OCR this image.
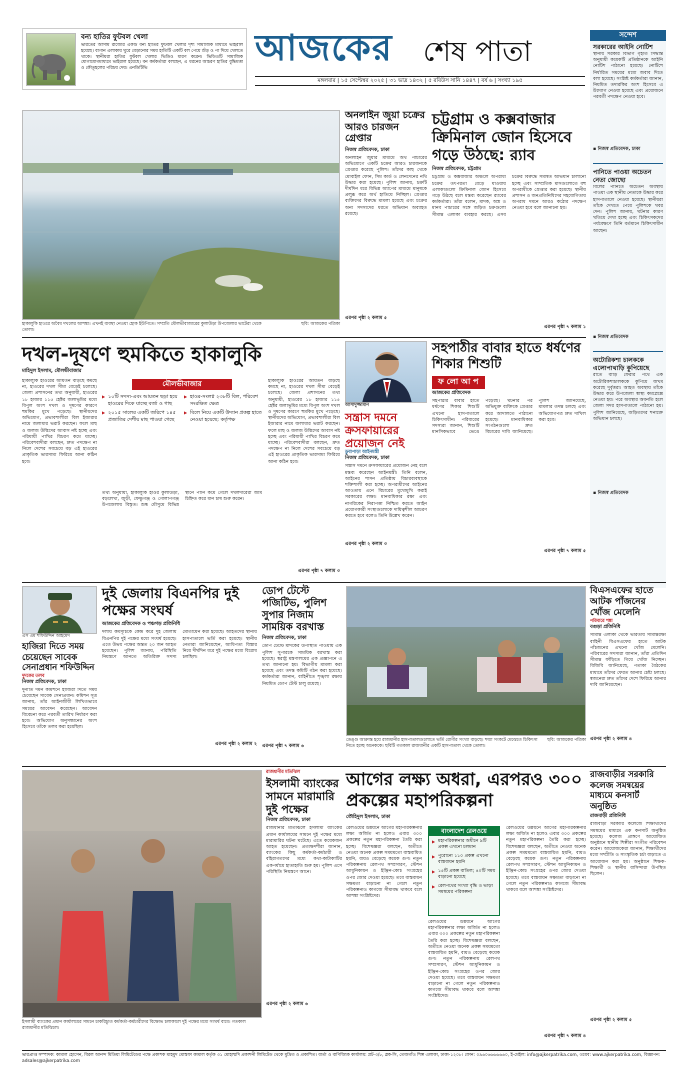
বন্য হাতির ফুটবল খেলা
ভারতের আসাম রাজ্যের একটি বন্য হাতির ফুটবল খেলার দৃশ্য সামাজিক মাধ্যমে ভাইরাল হয়েছে। বাগান এলাকায় ঘুরে বেড়ানোর সময় হাতিটি একটি বল পেয়ে শুঁড় ও পা দিয়ে খেলতে থাকে। স্থানীয়রা হাতির ফুটবল খেলার ভিডিও ধারণ করেন। ভিডিওটি সামাজিক যোগাযোগমাধ্যমে ভাইরাল হয়েছে। বন কর্মকর্তারা বলছেন, এ ধরনের আচরণ হাতির বুদ্ধিমত্তা ও কৌতূহলের পরিচয় দেয়। এনডিটিভি	আজকের শেষ পাতা
মঙ্গলবার | ১৫ সেপ্টেম্বর ২০২৫ | ৩১ ভাদ্র ১৪৩২ | ৫ রবিউস সানি ১৪৪৭ | বর্ষ ৬ | সংখ্যা ১৯৫
সন্দেশ
সরকারের আইনি নোটিশ
স্থানীয় সরকার বিভাগ গৃহীত সিদ্ধান্ত অনুযায়ী কয়েকটি প্রতিষ্ঠানকে আইনি নোটিশ পাঠানো হয়েছে। নোটিশে নির্ধারিত সময়ের মধ্যে জবাব দিতে বলা হয়েছে। সংশ্লিষ্ট কর্মকর্তারা জানান, নিয়মিত তদারকির অংশ হিসেবে এ উদ্যোগ নেওয়া হয়েছে এবং প্রয়োজনে পরবর্তী পদক্ষেপ নেওয়া হবে।
▪ নিজস্ব প্রতিবেদক, ঢাকা
পানিতে পাওয়া অচেতন নেতা জোছো
বিলের পানিতে অচেতন অবস্থায় পাওয়া এক স্থানীয় নেতাকে উদ্ধার করে হাসপাতালে নেওয়া হয়েছে। স্থানীয়রা তাঁকে দেখতে পেয়ে পুলিশকে খবর দেন। পুলিশ জানায়, ঘটনার কারণ খতিয়ে দেখা হচ্ছে এবং চিকিৎসকদের পর্যবেক্ষণে তিনি বর্তমানে চিকিৎসাধীন আছেন।
▪ নিজস্ব প্রতিবেদক
অটোরিকশা চালককে এলোপাথাড়ি কুপিয়েছে
রাতে বাড়ি ফেরার পথে এক অটোরিকশাচালককে কুপিয়ে জখম করেছে দুর্বৃত্তরা। আহত অবস্থায় তাঁকে উদ্ধার করে উপজেলা স্বাস্থ্য কমপ্লেক্সে নেওয়া হয়। পরে অবস্থার অবনতি হলে জেলা সদর হাসপাতালে পাঠানো হয়। পুলিশ জানিয়েছে, জড়িতদের শনাক্তে অভিযান চলছে।
▪ নিজস্ব প্রতিবেদক
হাকালুকি হাওরে অবৈধ দখলের আশঙ্কা। এখনই ব্যবস্থা নেওয়া হোক ইউপিতে। সম্প্রতি মৌলভীবাজারের কুলাউড়া উপজেলার ভাটেরা থেকে তোলা।
ছবি: আজকের পত্রিকা
অনলাইন জুয়া চক্রের আরও চারজন গ্রেপ্তার
নিজস্ব প্রতিবেদক, ঢাকা
অনলাইন জুয়ার মাধ্যমে অর্থ পাচারের অভিযোগে একটি চক্রের আরও চারজনকে গ্রেপ্তার করেছে পুলিশ। তাঁদের কাছ থেকে মোবাইল ফোন, সিম কার্ড ও লেনদেনের নথি উদ্ধার করা হয়েছে। পুলিশ জানায়, চক্রটি দীর্ঘদিন ধরে বিভিন্ন অ্যাপের মাধ্যমে মানুষকে প্রলুব্ধ করে অর্থ হাতিয়ে নিচ্ছিল। গ্রেপ্তার ব্যক্তিদের বিরুদ্ধে মামলা হয়েছে এবং চক্রের অন্য সদস্যদের ধরতে অভিযান অব্যাহত রয়েছে।
এরপর পৃষ্ঠা ২ কলাম ৫
চট্টগ্রাম ও কক্সবাজার ক্রিমিনাল জোন হিসেবে গড়ে উঠছে: র‍্যাব
নিজস্ব প্রতিবেদক, চট্টগ্রাম
চট্টগ্রাম ও কক্সবাজার অঞ্চলে অপরাধী চক্রের তৎপরতা বেড়ে যাওয়ায় এলাকাগুলো ক্রিমিনাল জোন হিসেবে গড়ে উঠছে বলে মন্তব্য করেছেন র‍্যাবের কর্মকর্তারা। তাঁরা বলেন, মাদক, অস্ত্র ও মানব পাচারের সঙ্গে জড়িত চক্রগুলো সীমান্ত এলাকা ব্যবহার করছে। এসব চক্রের বিরুদ্ধে সমন্বিত অভিযান চালানো হচ্ছে এবং সাম্প্রতিক মাসগুলোতে বহু অপরাধীকে গ্রেপ্তার করা হয়েছে। স্থানীয় প্রশাসন ও জনপ্রতিনিধিদের সহযোগিতায় অপরাধ দমনে আরও কঠোর পদক্ষেপ নেওয়া হবে বলে জানানো হয়।
এরপর পৃষ্ঠা ৭ কলাম ১
দখল-দূষণে হুমকিতে হাকালুকি
মাহিদুল ইসলাম, মৌলভীবাজার
হাকালুকি হাওরের আয়তন বাড়ছে কমছে না, হাওরের দখল সীমা বেড়েই চলেছে। জেলা প্রশাসনের তথ্য অনুযায়ী, হাওরের ১৮ হাজার ১১৫ হেক্টর জলাভূমির মধ্যে বিপুল অংশ দখল ও দূষণের কারণে হুমকির মুখে পড়েছে। স্থানীয়দের অভিযোগ, প্রভাবশালীরা বিল ইজারার নামে জলাধার ভরাট করছেন। ফলে মাছ ও জলজ উদ্ভিদের আবাস নষ্ট হচ্ছে এবং পরিযায়ী পাখির বিচরণ কমে যাচ্ছে। পরিবেশবাদীরা বলছেন, দ্রুত পদক্ষেপ না নিলে দেশের সবচেয়ে বড় এই হাওরের প্রাকৃতিক ভারসাম্য ফিরিয়ে আনা কঠিন হবে।
মৌলভীবাজার
▶ ১০টি সদস্য-এবং আয়তন ছড়া হয়ে হাওরের দিকে যাচ্ছে বর্জ্য ও গাছ
▶ ২০১৫ সালের একটি জরিপে ১৪৫ প্রজাতির দেশীয় মাছ পাওয়া গেছে
▶ হাওর-সংলগ্ন ২৩৮টি বিল, পরিবেশ সংরক্ষিত ক্ষেত্র
▶ বিলে নিয়ে একটি উদ্যান প্রকল্প হাতে নেওয়া হয়েছে: কর্তৃপক্ষ
তথ্য অনুযায়ী, হাকালুকি হাওর কুলাউড়া, বড়লেখা, জুড়ী, ফেঞ্চুগঞ্জ ও গোলাপগঞ্জ উপজেলায় বিস্তৃত। শুষ্ক মৌসুমে বিভিন্ন স্থানে পানি কমে গেলে দখলদারেরা জমি চিহ্নিত করে ধান চাষ শুরু করেন।
হাকালুকি হাওরের আয়তন বাড়ছে কমছে না, হাওরের দখল সীমা বেড়েই চলেছে। জেলা প্রশাসনের তথ্য অনুযায়ী, হাওরের ১৮ হাজার ১১৫ হেক্টর জলাভূমির মধ্যে বিপুল অংশ দখল ও দূষণের কারণে হুমকির মুখে পড়েছে। স্থানীয়দের অভিযোগ, প্রভাবশালীরা বিল ইজারার নামে জলাধার ভরাট করছেন। ফলে মাছ ও জলজ উদ্ভিদের আবাস নষ্ট হচ্ছে এবং পরিযায়ী পাখির বিচরণ কমে যাচ্ছে। পরিবেশবাদীরা বলছেন, দ্রুত পদক্ষেপ না নিলে দেশের সবচেয়ে বড় এই হাওরের প্রাকৃতিক ভারসাম্য ফিরিয়ে আনা কঠিন হবে।
এরপর পৃষ্ঠা ৭ কলাম ৩
আসাদুজ্জামান
সন্ত্রাস দমনে ক্রসফায়ারের প্রয়োজন নেই
ডুবাপাড়া আইনমন্ত্রী
নিজস্ব প্রতিবেদক, ঢাকা
সন্ত্রাস দমনে ক্রসফায়ারের প্রয়োজন নেই বলে মন্তব্য করেছেন আইনমন্ত্রী। তিনি বলেন, আইনের শাসন প্রতিষ্ঠায় বিচারব্যবস্থাকে শক্তিশালী করা হচ্ছে। অপরাধীদের আইনের আওতায় এনে বিচারের মুখোমুখি করাই সরকারের লক্ষ্য। মানবাধিকার রক্ষা এবং নাগরিকের নিরাপত্তা নিশ্চিত করতে আইন প্রয়োগকারী সংস্থাগুলোকে দায়িত্বশীল আচরণ করতে হবে বলেও তিনি উল্লেখ করেন।
এরপর পৃষ্ঠা ২ কলাম ৩
সহপাঠীর বাবার হাতে ধর্ষণের শিকার শিশুটি
ফ লো আ প
আজকের প্রতিবেদক
সহপাঠীর বাবার হাতে ধর্ষণের শিকার শিশুটি এখনো হাসপাতালে চিকিৎসাধীন। পরিবারের সদস্যরা জানান, শিশুটি মানসিকভাবে ভেঙে পড়েছে। ঘটনার পর অভিযুক্ত ব্যক্তিকে গ্রেপ্তার করে আদালতে পাঠানো হয়েছে। মানবাধিকার সংগঠনগুলো দ্রুত বিচারের দাবি জানিয়েছে। পুলিশ জানিয়েছে, মামলার তদন্ত চলছে এবং অভিযোগপত্র দ্রুত দাখিল করা হবে।
এরপর পৃষ্ঠা ৭ কলাম ৫
এস এম শফিউদ্দিন আহমেদ
হাজিরা দিতে সময় চেয়েছেন সাবেক সেনাপ্রধান শফিউদ্দিন
দুদকের তলব
নিজস্ব প্রতিবেদক, ঢাকা
দুর্নীতি দমন কমিশনে হাজিরা দিতে সময় চেয়েছেন সাবেক সেনাপ্রধান। কমিশন সূত্র জানায়, তাঁর আইনজীবী লিখিতভাবে সময়ের আবেদন করেছেন। আবেদন বিবেচনা করে পরবর্তী তারিখ নির্ধারণ করা হবে। অভিযোগ অনুসন্ধানের অংশ হিসেবে তাঁকে তলব করা হয়েছিল।
দুই জেলায় বিএনপির দুই পক্ষের সংঘর্ষ
আজকের প্রতিবেদক ও পঞ্চগড় প্রতিনিধি
দলীয় কর্মসূচিকে কেন্দ্র করে দুই জেলায় বিএনপির দুই পক্ষের মধ্যে সংঘর্ষ হয়েছে। এতে উভয় পক্ষের অন্তত ২০ জন আহত হয়েছেন। পুলিশ জানায়, পরিস্থিতি নিয়ন্ত্রণে আনতে অতিরিক্ত সদস্য মোতায়েন করা হয়েছে। আহতদের স্থানীয় হাসপাতালে ভর্তি করা হয়েছে। স্থানীয় নেতারা জানিয়েছেন, আধিপত্য বিস্তার নিয়ে দীর্ঘদিন ধরে দুই পক্ষের মধ্যে বিরোধ চলছিল।
এরপর পৃষ্ঠা ২ কলাম ২
ডোপ টেস্টে পজিটিভ, পুলিশ সুপার নিজাম সাময়িক বরখাস্ত
নিজস্ব প্রতিবেদক, ঢাকা
ডোপ টেস্টে মাদকের উপস্থিতি পাওয়ায় এক পুলিশ সুপারকে সাময়িক বরখাস্ত করা হয়েছে। স্বরাষ্ট্র মন্ত্রণালয়ের এক প্রজ্ঞাপনে এ তথ্য জানানো হয়। বিভাগীয় মামলা করা হয়েছে এবং তদন্ত কমিটি গঠন করা হয়েছে। কর্মকর্তারা জানান, বাহিনীতে শৃঙ্খলা রক্ষায় নিয়মিত ডোপ টেস্ট চালু রয়েছে।
এরপর পৃষ্ঠা ৭ কলাম ৬
ডেঙ্গু আক্রান্ত হয়ে রাজধানীর হাসপাতালগুলোতে ভর্তি রোগীর সংখ্যা বাড়ছে। শয্যা সংকটে মেঝেতে চিকিৎসা নিতে হচ্ছে অনেককে। ছবিটি গতকাল রাজধানীর একটি হাসপাতাল থেকে তোলা।
ছবি: আজকের পত্রিকা
বিএসএফের হাতে আটক পাঁজনের খোঁজ মেলেনি
পরিবারে শঙ্কা
বগুড়া প্রতিনিধি
সীমান্ত এলাকা থেকে ভারতীয় সীমান্তরক্ষী বাহিনী বিএসএফের হাতে আটক পাঁচজনের এখনো খোঁজ মেলেনি। পরিবারের সদস্যরা জানান, তাঁরা প্রতিদিন সীমান্ত ফাঁড়িতে গিয়ে খোঁজ নিচ্ছেন। বিজিবি জানিয়েছে, পতাকা বৈঠকের মাধ্যমে তাঁদের ফেরত আনার চেষ্টা চলছে। স্বজনেরা দ্রুত তাঁদের দেশে ফিরিয়ে আনার দাবি জানিয়েছেন।
এরপর পৃষ্ঠা ২ কলাম ৪
ইসলামী ব্যাংকের প্রধান কার্যালয়ের সামনে চাকরিচ্যুত কর্মকর্তা-কর্মচারীদের বিক্ষোভ চলাকালে দুই পক্ষের মধ্যে সংঘর্ষ বাধে। গতকাল রাজধানীর মতিঝিলে।
রাজধানীর মতিঝিল
ইসলামী ব্যাংকের সামনে মারামারি দুই পক্ষের
নিজস্ব প্রতিবেদক, ঢাকা
রাজধানীর মতিঝিলে ইসলামী ব্যাংকের প্রধান কার্যালয়ের সামনে দুই পক্ষের মধ্যে মারামারির ঘটনা ঘটেছে। এতে কয়েকজন আহত হয়েছেন। প্রত্যক্ষদর্শীরা জানান, ব্যাংকের কিছু কর্মকর্তা-কর্মচারী ও বহিরাগতদের মধ্যে কথা-কাটাকাটির একপর্যায়ে হাতাহাতি শুরু হয়। পুলিশ এসে পরিস্থিতি নিয়ন্ত্রণে আনে।
এরপর পৃষ্ঠা ২ কলাম ৬
আগের লক্ষ্য অধরা, এরপরও ৩০০ প্রকল্পের মহাপরিকল্পনা
তৌহিদুল ইসলাম, ঢাকা
রেলওয়ের উন্নয়নে আগের মহাপরিকল্পনার লক্ষ্য অর্জিত না হলেও এবার ৩০০ প্রকল্পের নতুন মহাপরিকল্পনা তৈরি করা হচ্ছে। বিশেষজ্ঞরা বলছেন, অতীতে নেওয়া অনেক প্রকল্প সময়মতো বাস্তবায়িত হয়নি, ব্যয়ও বেড়েছে কয়েক গুণ। নতুন পরিকল্পনায় রেলপথ সম্প্রসারণ, স্টেশন আধুনিকায়ন ও ইঞ্জিন-কোচ সংগ্রহের ওপর জোর দেওয়া হয়েছে। তবে বাস্তবায়ন সক্ষমতা বাড়ানো না গেলে নতুন পরিকল্পনাও কাগজে সীমাবদ্ধ থাকবে বলে আশঙ্কা সংশ্লিষ্টদের।
বাংলাদেশ রেলওয়ে
▶ মহাপরিকল্পনার অধীনে ৯টি প্রকল্প এখনো চলমান
▶ পুরোনো ১১০ প্রকল্প এখনো বাস্তবায়ন হয়নি
▶ ১৫টি প্রকল্প বাতিল; ৪০টি সময় বাড়ানো হয়েছে
▶ রেলপথের সংখ্যা বৃদ্ধি ও ভাড়া সমন্বয়ের পরিকল্পনা
রেলওয়ের উন্নয়নে আগের মহাপরিকল্পনার লক্ষ্য অর্জিত না হলেও এবার ৩০০ প্রকল্পের নতুন মহাপরিকল্পনা তৈরি করা হচ্ছে। বিশেষজ্ঞরা বলছেন, অতীতে নেওয়া অনেক প্রকল্প সময়মতো বাস্তবায়িত হয়নি, ব্যয়ও বেড়েছে কয়েক গুণ। নতুন পরিকল্পনায় রেলপথ সম্প্রসারণ, স্টেশন আধুনিকায়ন ও ইঞ্জিন-কোচ সংগ্রহের ওপর জোর দেওয়া হয়েছে। তবে বাস্তবায়ন সক্ষমতা বাড়ানো না গেলে নতুন পরিকল্পনাও কাগজে সীমাবদ্ধ থাকবে বলে আশঙ্কা সংশ্লিষ্টদের।
রেলওয়ের উন্নয়নে আগের মহাপরিকল্পনার লক্ষ্য অর্জিত না হলেও এবার ৩০০ প্রকল্পের নতুন মহাপরিকল্পনা তৈরি করা হচ্ছে। বিশেষজ্ঞরা বলছেন, অতীতে নেওয়া অনেক প্রকল্প সময়মতো বাস্তবায়িত হয়নি, ব্যয়ও বেড়েছে কয়েক গুণ। নতুন পরিকল্পনায় রেলপথ সম্প্রসারণ, স্টেশন আধুনিকায়ন ও ইঞ্জিন-কোচ সংগ্রহের ওপর জোর দেওয়া হয়েছে। তবে বাস্তবায়ন সক্ষমতা বাড়ানো না গেলে নতুন পরিকল্পনাও কাগজে সীমাবদ্ধ থাকবে বলে আশঙ্কা সংশ্লিষ্টদের।
এরপর পৃষ্ঠা ৭ কলাম ৪
রাজবাড়ীর সরকারি কলেজ সমন্বয়ের মাধ্যমে কনসার্ট অনুষ্ঠিত
রাজবাড়ী প্রতিনিধি
রাজবাড়ী সরকারি কলেজে শিক্ষার্থীদের সমন্বয়ের মাধ্যমে এক কনসার্ট অনুষ্ঠিত হয়েছে। কলেজ প্রাঙ্গণে আয়োজিত অনুষ্ঠানে স্থানীয় শিল্পীরা সংগীত পরিবেশন করেন। আয়োজকেরা জানান, শিক্ষার্থীদের মধ্যে সম্প্রীতি ও সাংস্কৃতিক চর্চা বাড়াতে এ আয়োজন করা হয়। অনুষ্ঠানে শিক্ষক-শিক্ষার্থী ও স্থানীয় বাসিন্দারা উপস্থিত ছিলেন।
এরপর পৃষ্ঠা ২ কলাম ৫
ভারপ্রাপ্ত সম্পাদক: কামাল হোসেন, বিরল আনন্দ মিডিয়া লিমিটেডের পক্ষে প্রকাশক মাহমুদ মোস্তফা কামাল কর্তৃক ৩১ মোহাম্মদি প্রকাশনী লিমিটেড থেকে মুদ্রিত ও প্রকাশিত। বার্তা ও বাণিজ্যিক কার্যালয়: প্লট-৩/৮, ব্লক-সি, তেজগাঁও শিল্প এলাকা, ঢাকা-১২০৮। ফোন: ০৯৬০৬৬৬৬৬৬০, ই-মেইল: info@ajkerpatrika.com, ওয়েব: www.ajkerpatrika.com, বিজ্ঞাপন: adsales@ajkerpatrika.com
